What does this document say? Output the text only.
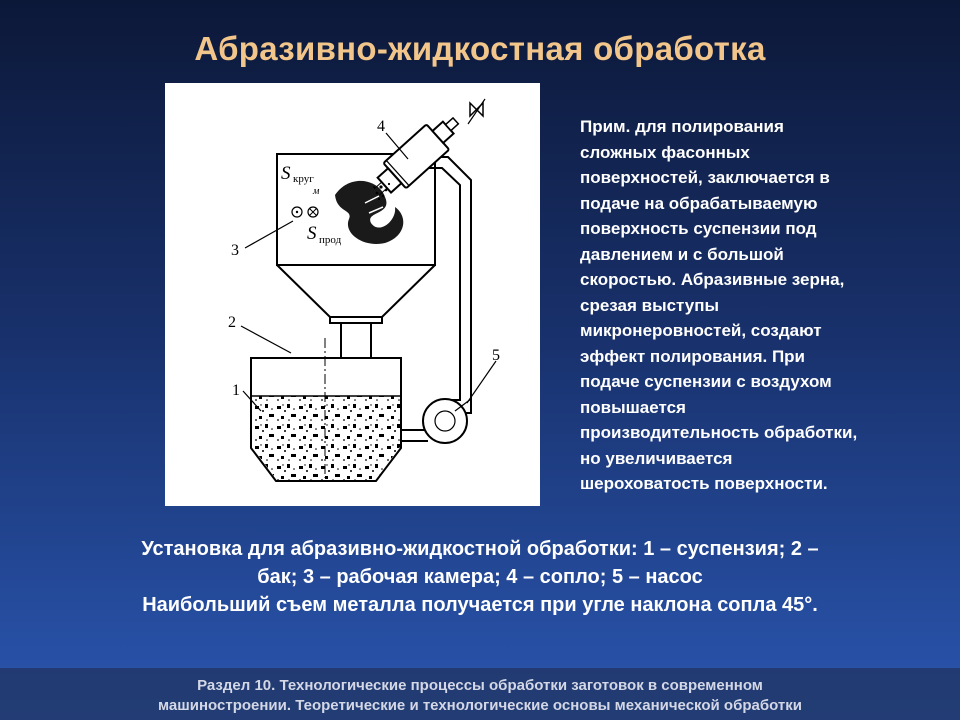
Абразивно-жидкостная обработка
3
2
1
4
5
S круг
м
S прод
Прим. для полирования
сложных фасонных
поверхностей, заключается в
подаче на обрабатываемую
поверхность суспензии под
давлением и с большой
скоростью. Абразивные зерна,
срезая выступы
микронеровностей, создают
эффект полирования. При
подаче суспензии с воздухом
повышается
производительность обработки,
но увеличивается
шероховатость поверхности.
Установка для абразивно-жидкостной обработки: 1 – суспензия; 2 –
бак; 3 – рабочая камера; 4 – сопло; 5 – насос
Наибольший съем металла получается при угле наклона сопла 45°.
Раздел 10. Технологические процессы обработки заготовок в современном
машиностроении. Теоретические и технологические основы механической обработки
